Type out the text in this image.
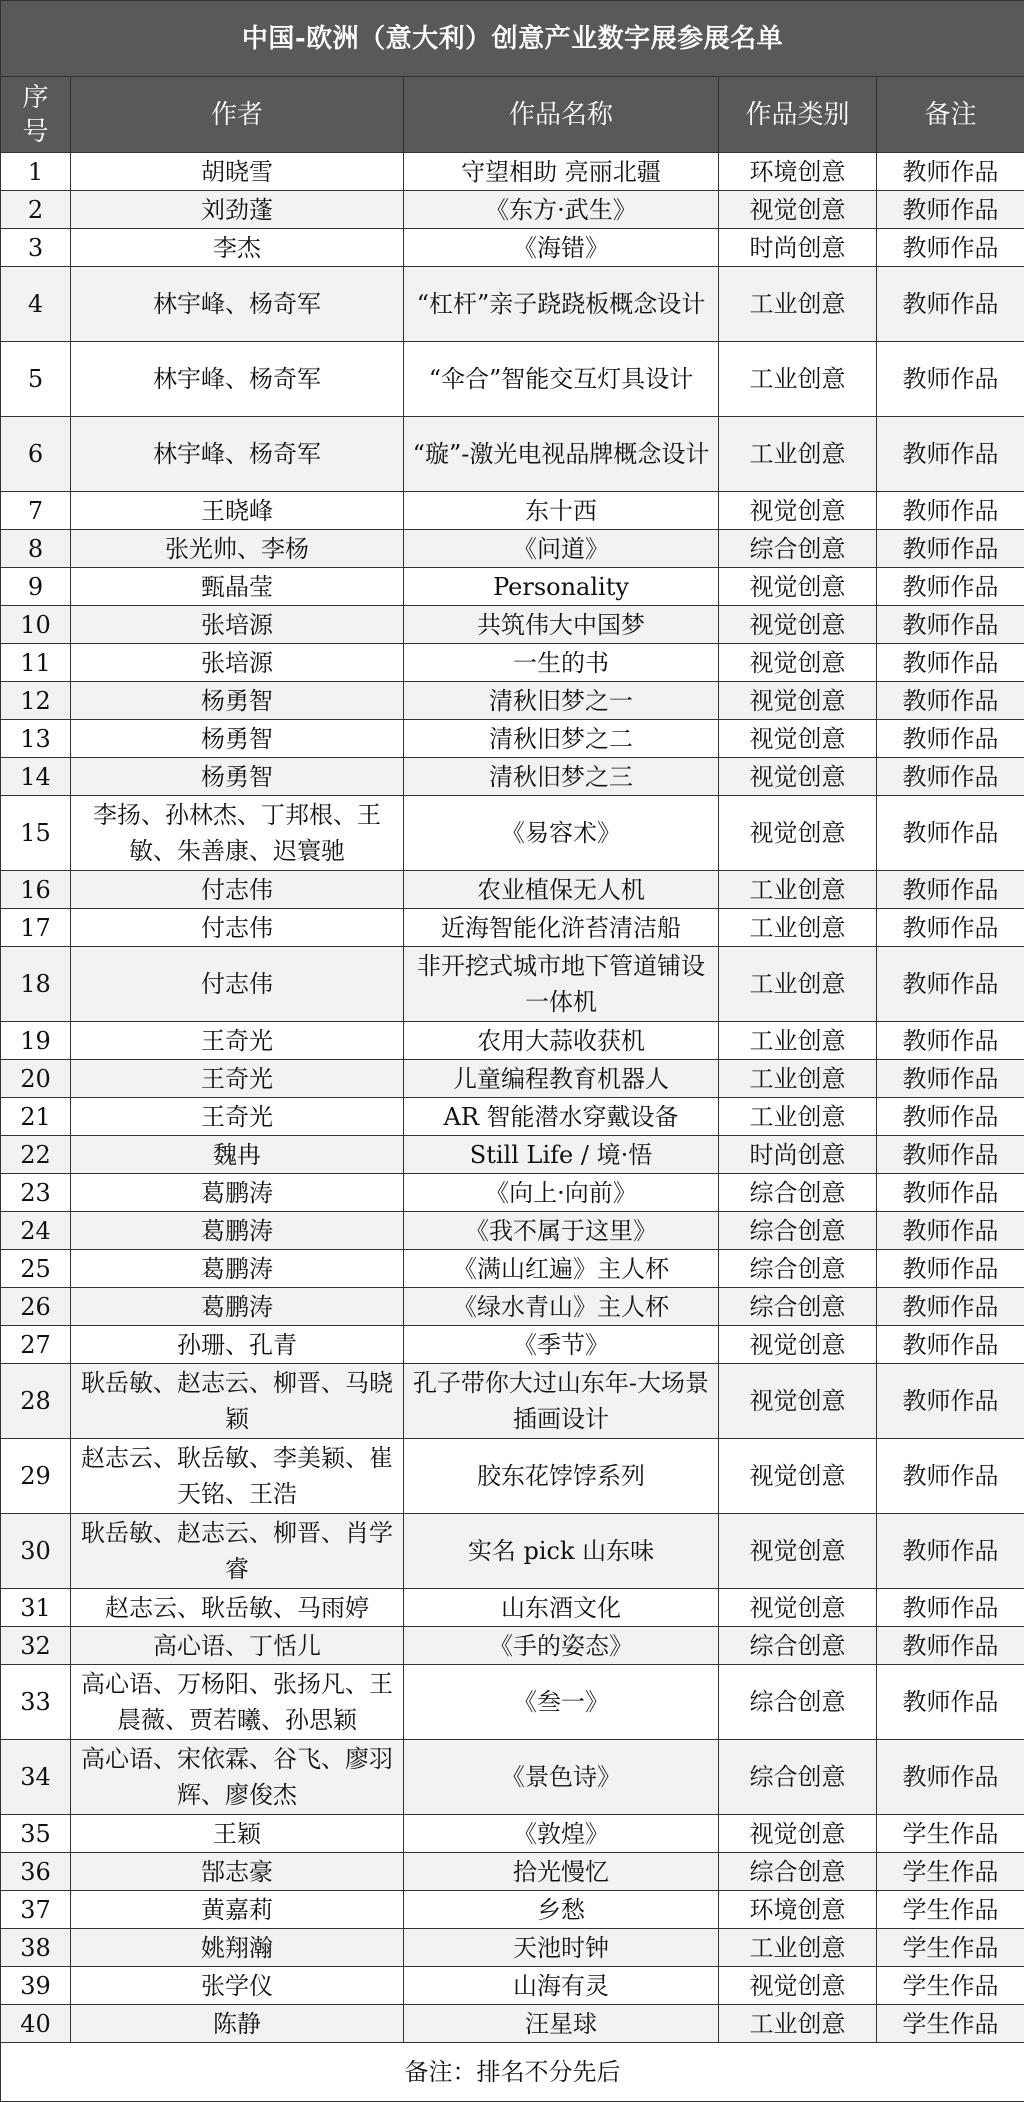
中国-欧洲（意大利）创意产业数字展参展名单				
序号	作者	作品名称	作品类别	备注
1	胡晓雪	守望相助 亮丽北疆	环境创意	教师作品
2	刘劲蓬	《东方·武生》	视觉创意	教师作品
3	李杰	《海错》	时尚创意	教师作品
4	林宇峰、杨奇军	“杠杆”亲子跷跷板概念设计	工业创意	教师作品
5	林宇峰、杨奇军	“伞合”智能交互灯具设计	工业创意	教师作品
6	林宇峰、杨奇军	“璇”-激光电视品牌概念设计	工业创意	教师作品
7	王晓峰	东十西	视觉创意	教师作品
8	张光帅、李杨	《问道》	综合创意	教师作品
9	甄晶莹	Personality	视觉创意	教师作品
10	张培源	共筑伟大中国梦	视觉创意	教师作品
11	张培源	一生的书	视觉创意	教师作品
12	杨勇智	清秋旧梦之一	视觉创意	教师作品
13	杨勇智	清秋旧梦之二	视觉创意	教师作品
14	杨勇智	清秋旧梦之三	视觉创意	教师作品
15	李扬、孙林杰、丁邦根、王敏、朱善康、迟寰驰	《易容术》	视觉创意	教师作品
16	付志伟	农业植保无人机	工业创意	教师作品
17	付志伟	近海智能化浒苔清洁船	工业创意	教师作品
18	付志伟	非开挖式城市地下管道铺设一体机	工业创意	教师作品
19	王奇光	农用大蒜收获机	工业创意	教师作品
20	王奇光	儿童编程教育机器人	工业创意	教师作品
21	王奇光	AR 智能潜水穿戴设备	工业创意	教师作品
22	魏冉	Still Life / 境·悟	时尚创意	教师作品
23	葛鹏涛	《向上·向前》	综合创意	教师作品
24	葛鹏涛	《我不属于这里》	综合创意	教师作品
25	葛鹏涛	《满山红遍》主人杯	综合创意	教师作品
26	葛鹏涛	《绿水青山》主人杯	综合创意	教师作品
27	孙珊、孔青	《季节》	视觉创意	教师作品
28	耿岳敏、赵志云、柳晋、马晓颖	孔子带你大过山东年-大场景插画设计	视觉创意	教师作品
29	赵志云、耿岳敏、李美颖、崔天铭、王浩	胶东花饽饽系列	视觉创意	教师作品
30	耿岳敏、赵志云、柳晋、肖学睿	实名 pick 山东味	视觉创意	教师作品
31	赵志云、耿岳敏、马雨婷	山东酒文化	视觉创意	教师作品
32	高心语、丁恬儿	《手的姿态》	综合创意	教师作品
33	高心语、万杨阳、张扬凡、王晨薇、贾若曦、孙思颖	《叁一》	综合创意	教师作品
34	高心语、宋依霖、谷飞、廖羽辉、廖俊杰	《景色诗》	综合创意	教师作品
35	王颖	《敦煌》	视觉创意	学生作品
36	郜志豪	拾光慢忆	综合创意	学生作品
37	黄嘉莉	乡愁	环境创意	学生作品
38	姚翔瀚	天池时钟	工业创意	学生作品
39	张学仪	山海有灵	视觉创意	学生作品
40	陈静	汪星球	工业创意	学生作品
备注：排名不分先后				
